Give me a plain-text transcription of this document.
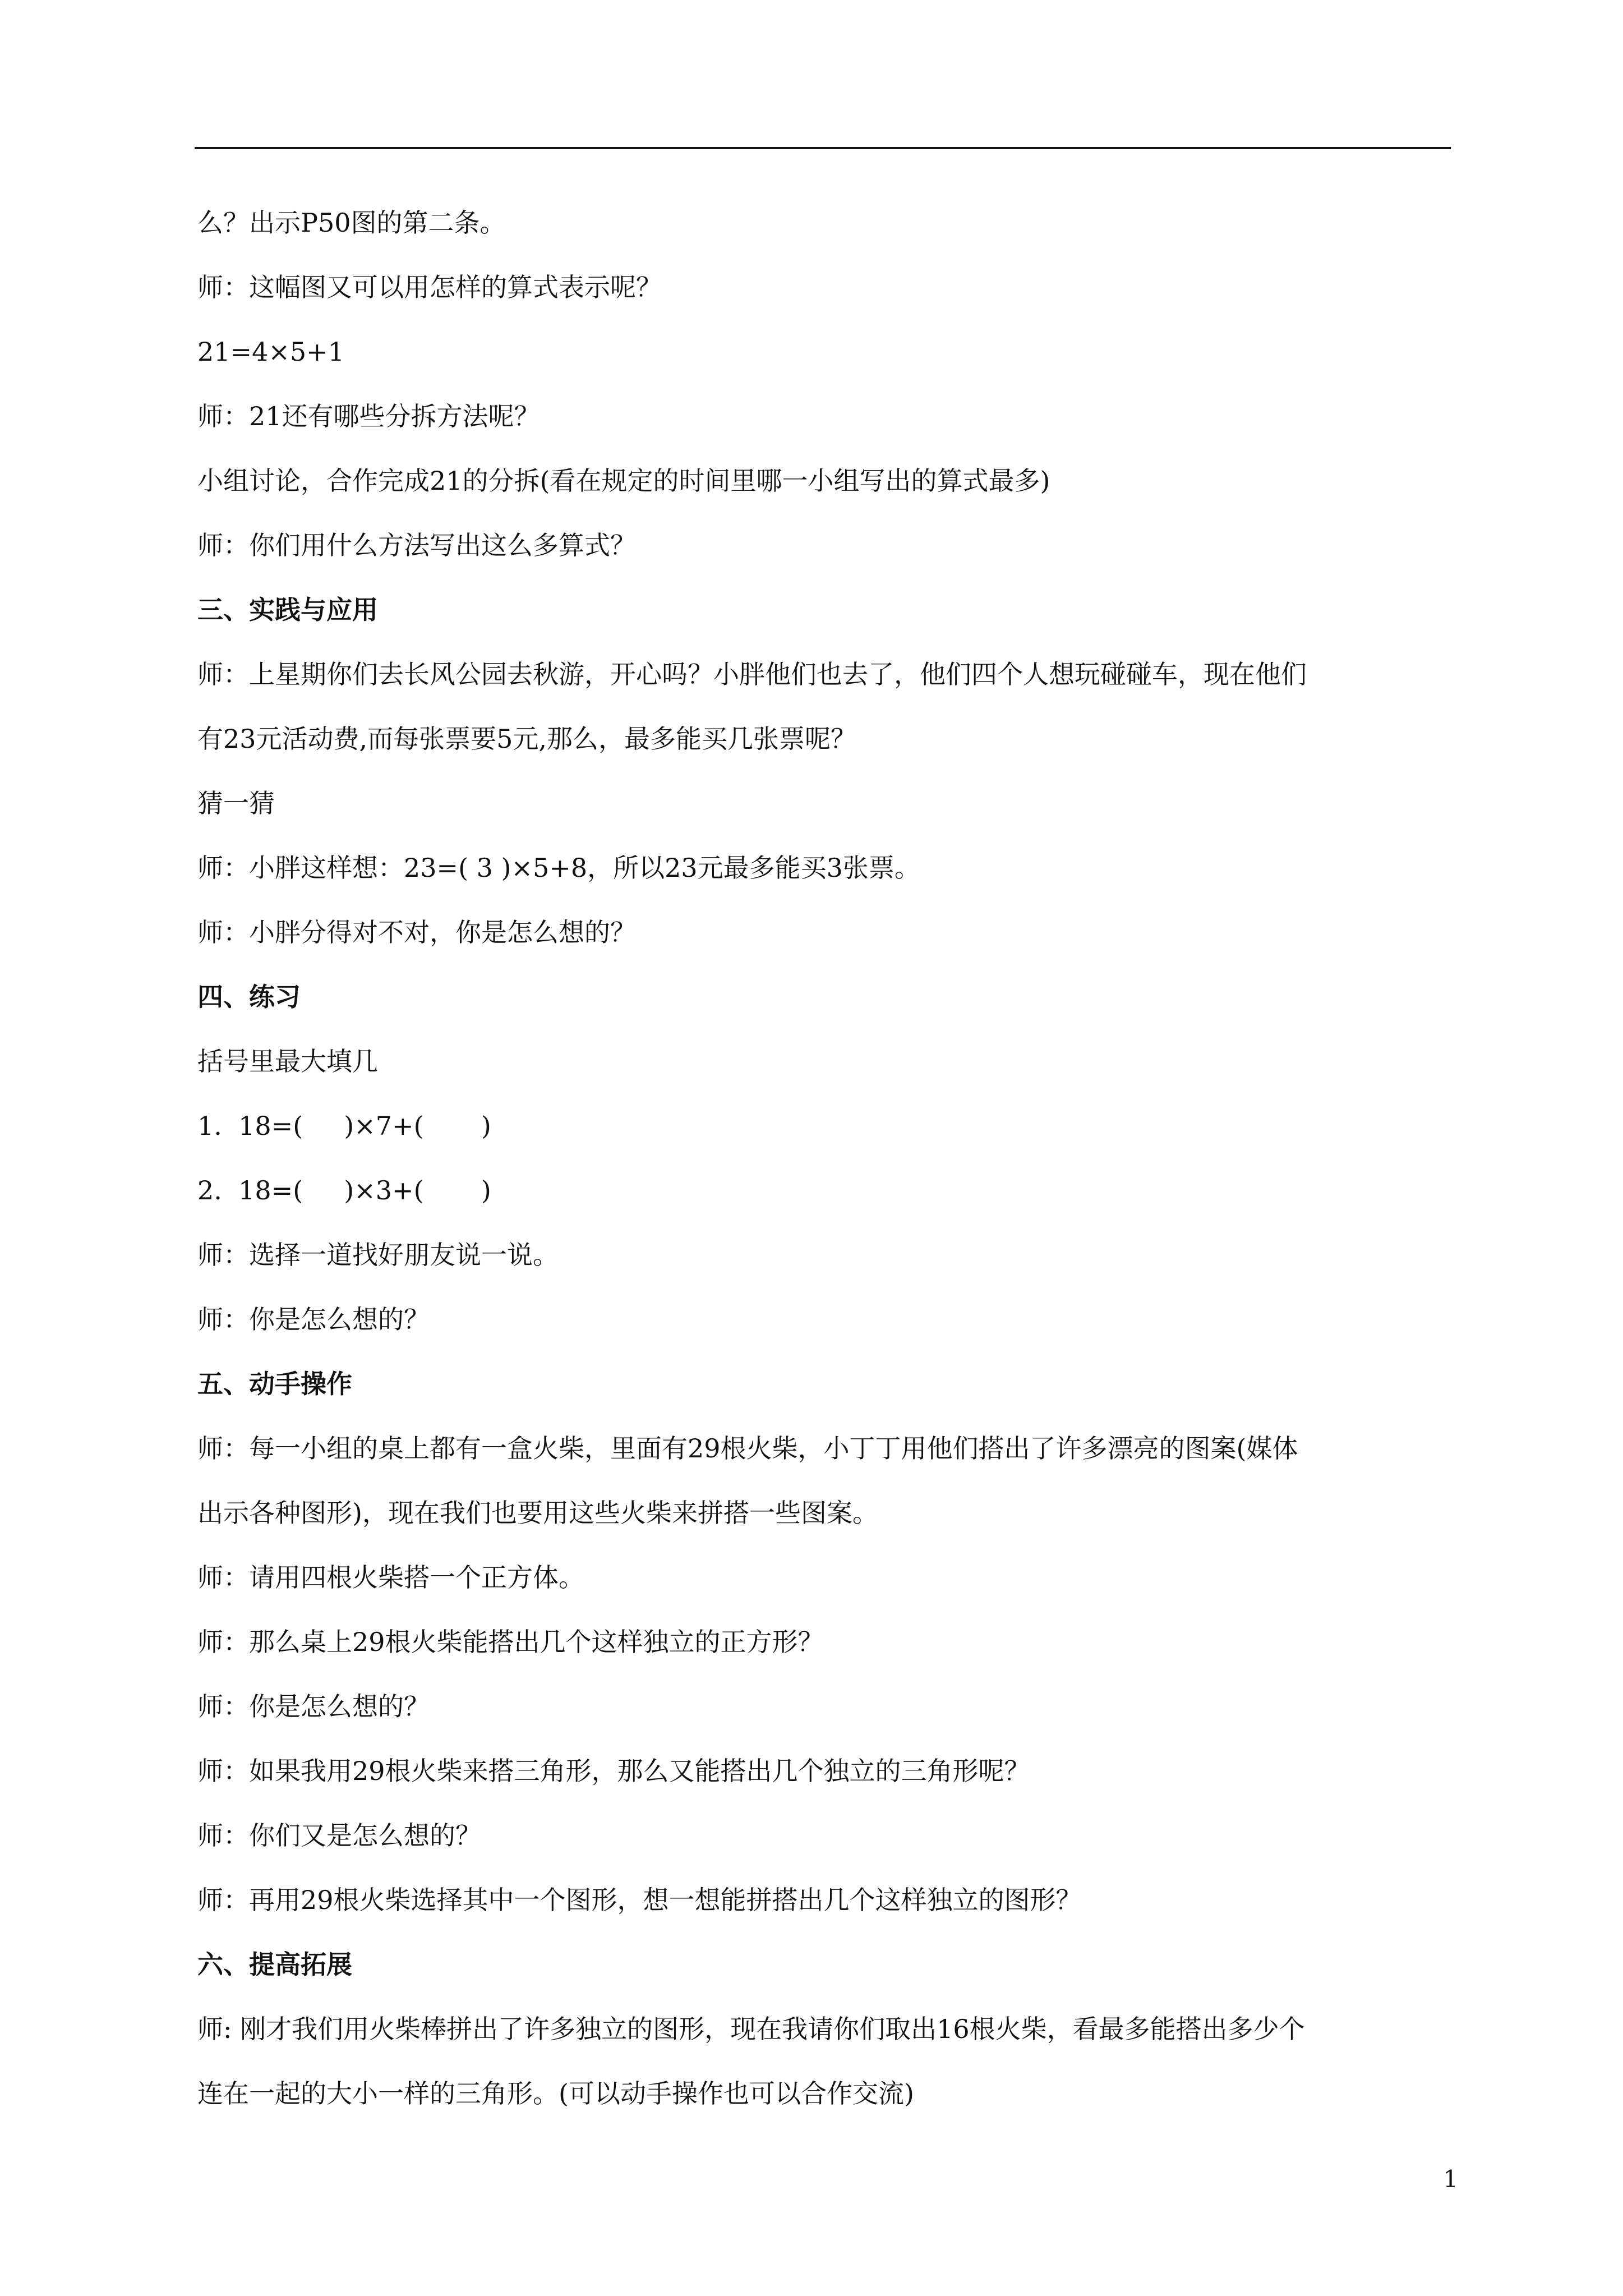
么？出示P50图的第二条。
师：这幅图又可以用怎样的算式表示呢？
21=4×5+1
师：21还有哪些分拆方法呢？
小组讨论，合作完成21的分拆(看在规定的时间里哪一小组写出的算式最多)
师：你们用什么方法写出这么多算式？
三、实践与应用
师：上星期你们去长风公园去秋游，开心吗？小胖他们也去了，他们四个人想玩碰碰车，现在他们
有23元活动费,而每张票要5元,那么，最多能买几张票呢？
猜一猜
师：小胖这样想：23=( 3 )×5+8，所以23元最多能买3张票。
师：小胖分得对不对，你是怎么想的？
四、练习
括号里最大填几
1.  18=(     )×7+(       )
2.  18=(     )×3+(       )
师：选择一道找好朋友说一说。
师：你是怎么想的？
五、动手操作
师：每一小组的桌上都有一盒火柴，里面有29根火柴，小丁丁用他们搭出了许多漂亮的图案(媒体
出示各种图形)，现在我们也要用这些火柴来拼搭一些图案。
师：请用四根火柴搭一个正方体。
师：那么桌上29根火柴能搭出几个这样独立的正方形？
师：你是怎么想的？
师：如果我用29根火柴来搭三角形，那么又能搭出几个独立的三角形呢？
师：你们又是怎么想的？
师：再用29根火柴选择其中一个图形，想一想能拼搭出几个这样独立的图形？
六、提高拓展
师: 刚才我们用火柴棒拼出了许多独立的图形，现在我请你们取出16根火柴，看最多能搭出多少个
连在一起的大小一样的三角形。(可以动手操作也可以合作交流)
1
